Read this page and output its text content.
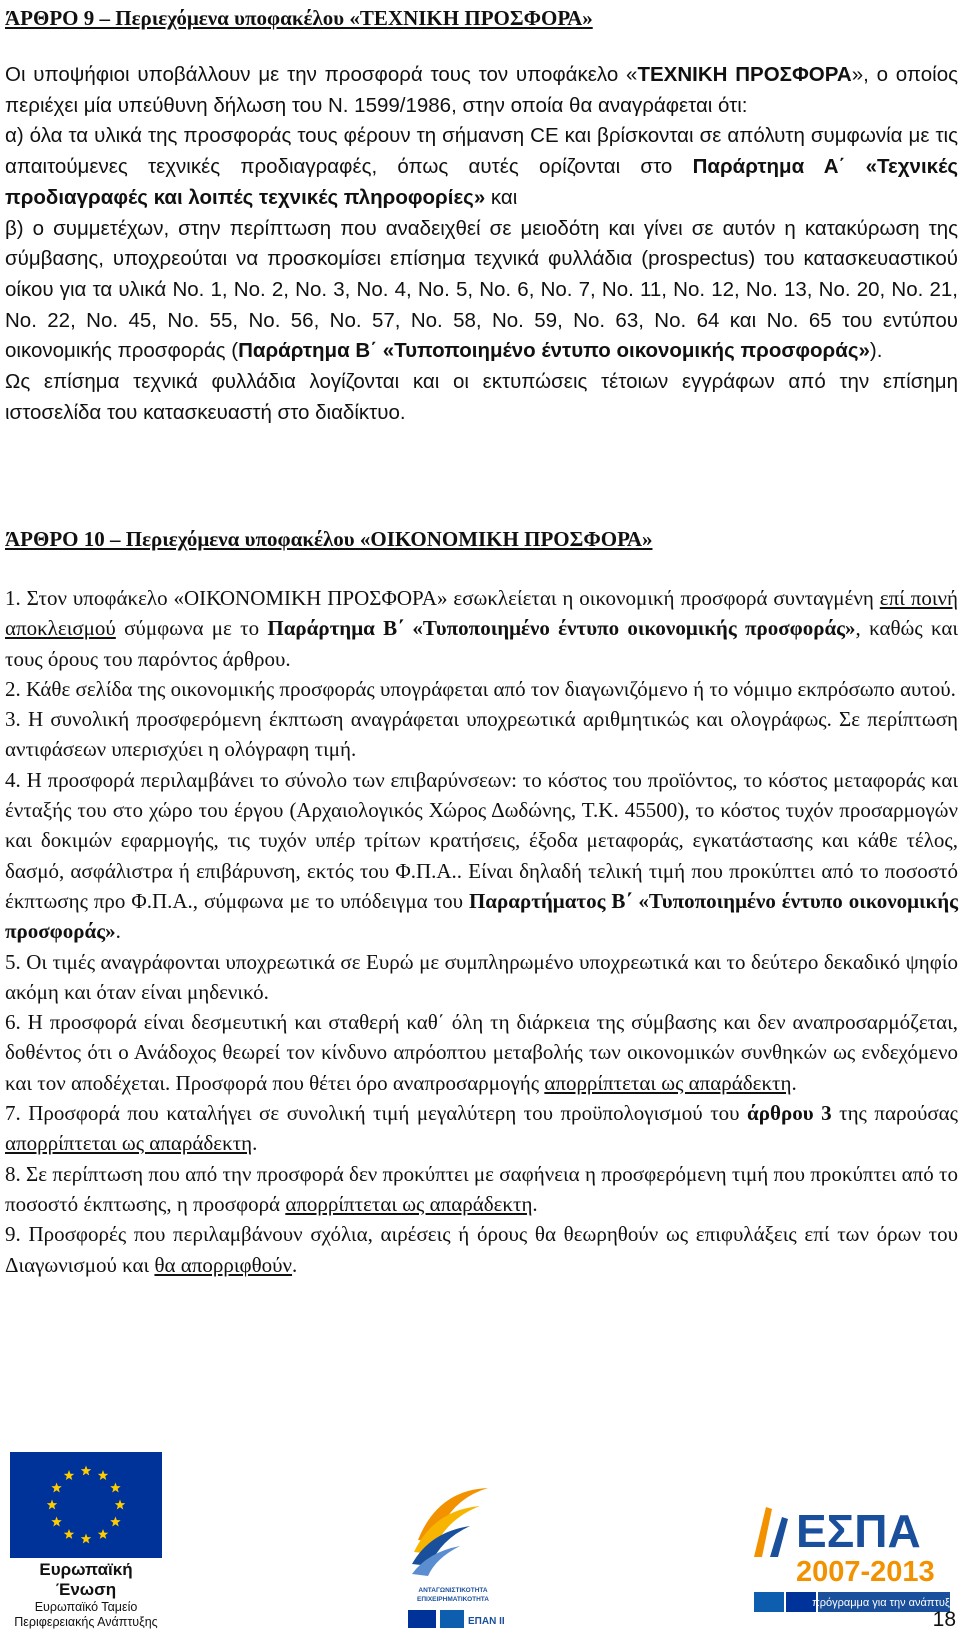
ΆΡΘΡΟ 9 – Περιεχόμενα υποφακέλου «ΤΕΧΝΙΚΗ ΠΡΟΣΦΟΡΑ»

Οι υποψήφιοι υποβάλλουν με την προσφορά τους τον υποφάκελο «ΤΕΧΝΙΚΗ ΠΡΟΣΦΟΡΑ», ο οποίος περιέχει μία υπεύθυνη δήλωση του Ν. 1599/1986, στην οποία θα αναγράφεται ότι:

α) όλα τα υλικά της προσφοράς τους φέρουν τη σήμανση CE και βρίσκονται σε απόλυτη συμφωνία με τις απαιτούμενες τεχνικές προδιαγραφές, όπως αυτές ορίζονται στο Παράρτημα Α΄ «Τεχνικές προδιαγραφές και λοιπές τεχνικές πληροφορίες» και

β) ο συμμετέχων, στην περίπτωση που αναδειχθεί σε μειοδότη και γίνει σε αυτόν η κατακύρωση της σύμβασης, υποχρεούται να προσκομίσει επίσημα τεχνικά φυλλάδια (prospectus) του κατασκευαστικού οίκου για τα υλικά Νο. 1, Νο. 2, Νο. 3, Νο. 4, Νο. 5, Νο. 6, Νο. 7, Νο. 11, Νο. 12, Νο. 13, Νο. 20, Νο. 21, Νο. 22, Νο. 45, Νο. 55, Νο. 56, Νο. 57, Νο. 58, Νο. 59, Νο. 63, Νο. 64 και Νο. 65 του εντύπου οικονομικής προσφοράς (Παράρτημα Β΄ «Τυποποιημένο έντυπο οικονομικής προσφοράς»).

Ως επίσημα τεχνικά φυλλάδια λογίζονται και οι εκτυπώσεις τέτοιων εγγράφων από την επίσημη ιστοσελίδα του κατασκευαστή στο διαδίκτυο.

ΆΡΘΡΟ 10 – Περιεχόμενα υποφακέλου «ΟΙΚΟΝΟΜΙΚΗ ΠΡΟΣΦΟΡΑ»

1. Στον υποφάκελο «ΟΙΚΟΝΟΜΙΚΗ ΠΡΟΣΦΟΡΑ» εσωκλείεται η οικονομική προσφορά συνταγμένη επί ποινή αποκλεισμού σύμφωνα με το Παράρτημα Β΄ «Τυποποιημένο έντυπο οικονομικής προσφοράς», καθώς και τους όρους του παρόντος άρθρου.

2. Κάθε σελίδα της οικονομικής προσφοράς υπογράφεται από τον διαγωνιζόμενο ή το νόμιμο εκπρόσωπο αυτού.

3. Η συνολική προσφερόμενη έκπτωση αναγράφεται υποχρεωτικά αριθμητικώς και ολογράφως. Σε περίπτωση αντιφάσεων υπερισχύει η ολόγραφη τιμή.

4. Η προσφορά περιλαμβάνει το σύνολο των επιβαρύνσεων: το κόστος του προϊόντος, το κόστος μεταφοράς και ένταξής του στο χώρο του έργου (Αρχαιολογικός Χώρος Δωδώνης, Τ.Κ. 45500), το κόστος τυχόν προσαρμογών και δοκιμών εφαρμογής, τις τυχόν υπέρ τρίτων κρατήσεις, έξοδα μεταφοράς, εγκατάστασης και κάθε τέλος, δασμό, ασφάλιστρα ή επιβάρυνση, εκτός του Φ.Π.Α.. Είναι δηλαδή τελική τιμή που προκύπτει από το ποσοστό έκπτωσης προ Φ.Π.Α., σύμφωνα με το υπόδειγμα του Παραρτήματος Β΄ «Τυποποιημένο έντυπο οικονομικής προσφοράς».

5. Οι τιμές αναγράφονται υποχρεωτικά σε Ευρώ με συμπληρωμένο υποχρεωτικά και το δεύτερο δεκαδικό ψηφίο ακόμη και όταν είναι μηδενικό.

6. Η προσφορά είναι δεσμευτική και σταθερή καθ΄ όλη τη διάρκεια της σύμβασης και δεν αναπροσαρμόζεται, δοθέντος ότι ο Ανάδοχος θεωρεί τον κίνδυνο απρόοπτου μεταβολής των οικονομικών συνθηκών ως ενδεχόμενο και τον αποδέχεται. Προσφορά που θέτει όρο αναπροσαρμογής απορρίπτεται ως απαράδεκτη.

7. Προσφορά που καταλήγει σε συνολική τιμή μεγαλύτερη του προϋπολογισμού του άρθρου 3 της παρούσας απορρίπτεται ως απαράδεκτη.

8. Σε περίπτωση που από την προσφορά δεν προκύπτει με σαφήνεια η προσφερόμενη τιμή που προκύπτει από το ποσοστό έκπτωσης, η προσφορά απορρίπτεται ως απαράδεκτη.

9. Προσφορές που περιλαμβάνουν σχόλια, αιρέσεις ή όρους θα θεωρηθούν ως επιφυλάξεις επί των όρων του Διαγωνισμού και θα απορριφθούν.

Ευρωπαϊκή Ένωση
Ευρωπαϊκό Ταμείο
Περιφερειακής Ανάπτυξης
ΑΝΤΑΓΩΝΙΣΤΙΚΟΤΗΤΑ
ΕΠΙΧΕΙΡΗΜΑΤΙΚΟΤΗΤΑ
ΕΠΑΝ ΙΙ
ΕΣΠΑ
2007-2013
πρόγραμμα για την ανάπτυξη
18
